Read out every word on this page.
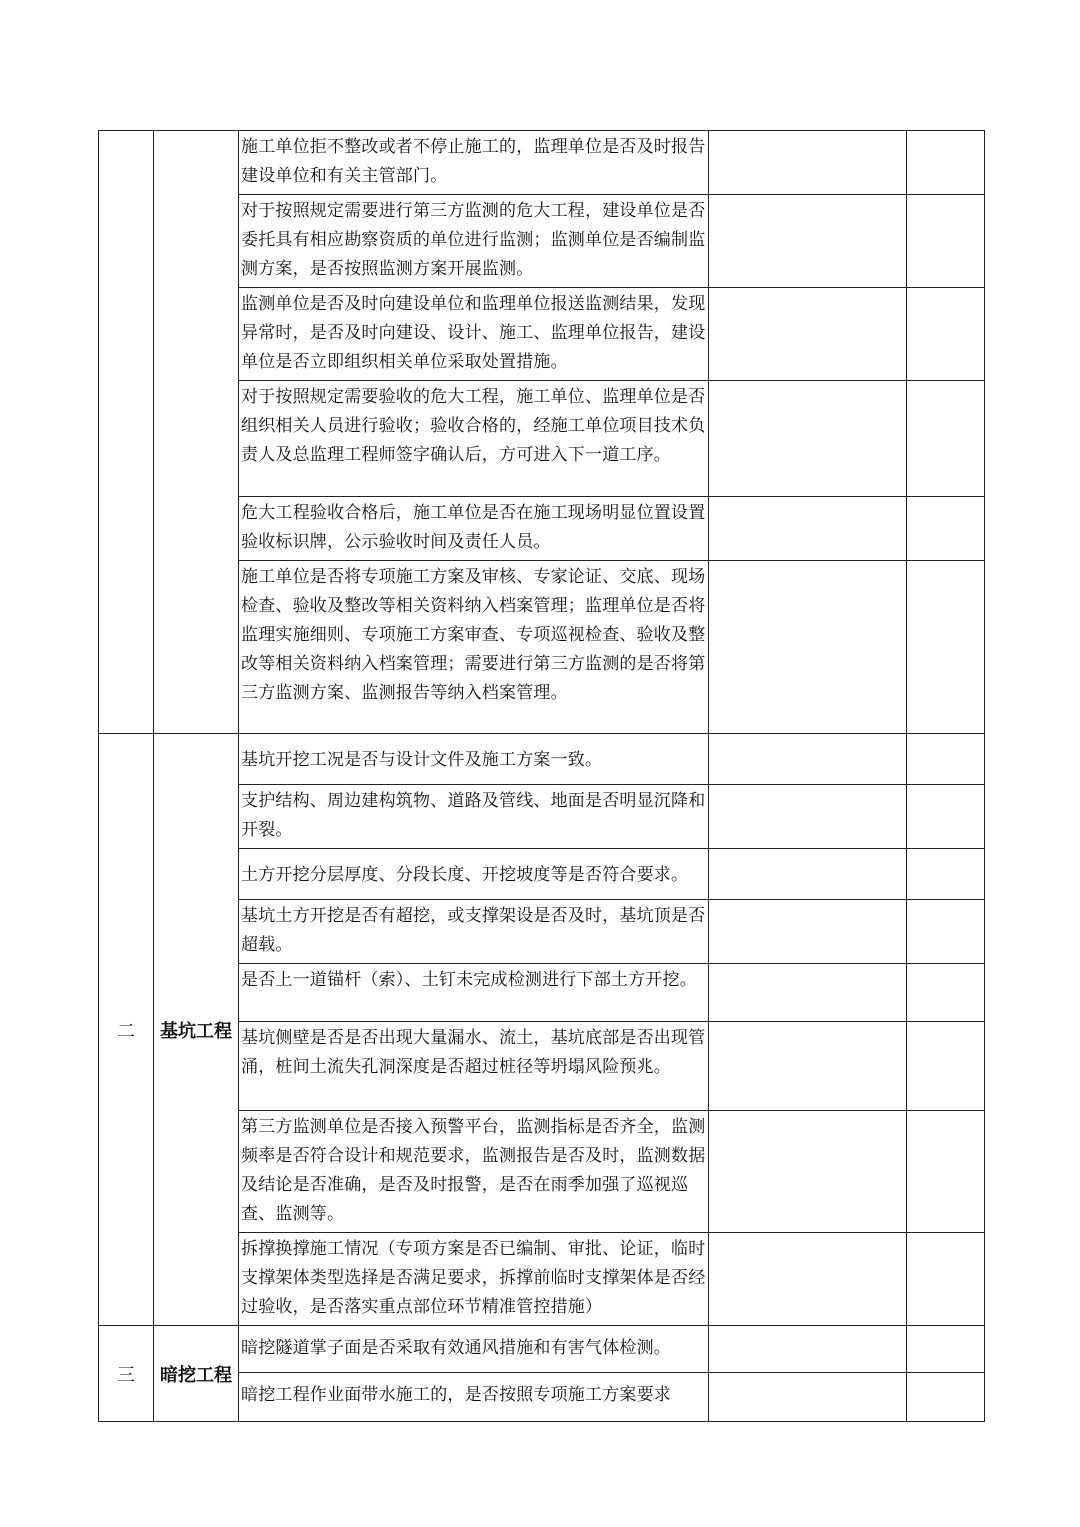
		施工单位拒不整改或者不停止施工的，监理单位是否及时报告建设单位和有关主管部门。		
		对于按照规定需要进行第三方监测的危大工程，建设单位是否委托具有相应勘察资质的单位进行监测；监测单位是否编制监测方案，是否按照监测方案开展监测。		
		监测单位是否及时向建设单位和监理单位报送监测结果，发现异常时，是否及时向建设、设计、施工、监理单位报告，建设单位是否立即组织相关单位采取处置措施。		
		对于按照规定需要验收的危大工程，施工单位、监理单位是否组织相关人员进行验收；验收合格的，经施工单位项目技术负责人及总监理工程师签字确认后，方可进入下一道工序。		
		危大工程验收合格后，施工单位是否在施工现场明显位置设置验收标识牌，公示验收时间及责任人员。		
		施工单位是否将专项施工方案及审核、专家论证、交底、现场检查、验收及整改等相关资料纳入档案管理；监理单位是否将监理实施细则、专项施工方案审查、专项巡视检查、验收及整改等相关资料纳入档案管理；需要进行第三方监测的是否将第三方监测方案、监测报告等纳入档案管理。		
二	基坑工程	基坑开挖工况是否与设计文件及施工方案一致。		
		支护结构、周边建构筑物、道路及管线、地面是否明显沉降和开裂。		
		土方开挖分层厚度、分段长度、开挖坡度等是否符合要求。		
		基坑土方开挖是否有超挖，或支撑架设是否及时，基坑顶是否超载。		
		是否上一道锚杆（索）、土钉未完成检测进行下部土方开挖。		
		基坑侧壁是否是否出现大量漏水、流土，基坑底部是否出现管涌，桩间土流失孔洞深度是否超过桩径等坍塌风险预兆。		
		第三方监测单位是否接入预警平台，监测指标是否齐全，监测频率是否符合设计和规范要求，监测报告是否及时，监测数据及结论是否准确，是否及时报警，是否在雨季加强了巡视巡查、监测等。		
		拆撑换撑施工情况（专项方案是否已编制、审批、论证，临时支撑架体类型选择是否满足要求，拆撑前临时支撑架体是否经过验收，是否落实重点部位环节精准管控措施）		
三	暗挖工程	暗挖隧道掌子面是否采取有效通风措施和有害气体检测。		
		暗挖工程作业面带水施工的，是否按照专项施工方案要求		
